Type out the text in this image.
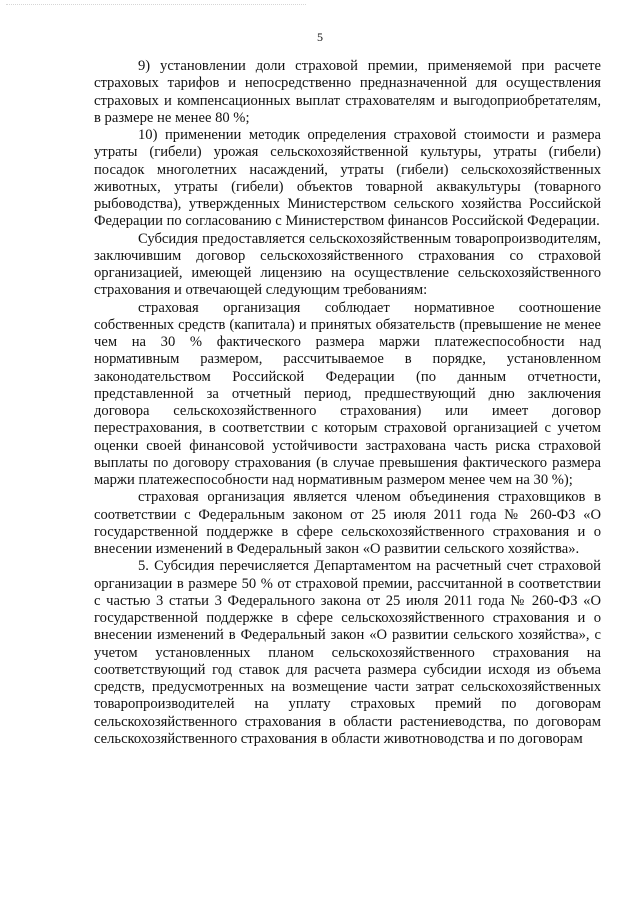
5

9) установлении доли страховой премии, применяемой при расчете страховых тарифов и непосредственно предназначенной для осуществления страховых и компенсационных выплат страхователям и выгодоприобретателям, в размере не менее 80 %;

10) применении методик определения страховой стоимости и размера утраты (гибели) урожая сельскохозяйственной культуры, утраты (гибели) посадок многолетних насаждений, утраты (гибели) сельскохозяйственных животных, утраты (гибели) объектов товарной аквакультуры (товарного рыбоводства), утвержденных Министерством сельского хозяйства Российской Федерации по согласованию с Министерством финансов Российской Федерации.

Субсидия предоставляется сельскохозяйственным товаропроизводителям, заключившим договор сельскохозяйственного страхования со страховой организацией, имеющей лицензию на осуществление сельскохозяйственного страхования и отвечающей следующим требованиям:

страховая организация соблюдает нормативное соотношение собственных средств (капитала) и принятых обязательств (превышение не менее чем на 30 % фактического размера маржи платежеспособности над нормативным размером, рассчитываемое в порядке, установленном законодательством Российской Федерации (по данным отчетности, представленной за отчетный период, предшествующий дню заключения договора сельскохозяйственного страхования) или имеет договор перестрахования, в соответствии с которым страховой организацией с учетом оценки своей финансовой устойчивости застрахована часть риска страховой выплаты по договору страхования (в случае превышения фактического размера маржи платежеспособности над нормативным размером менее чем на 30 %);

страховая организация является членом объединения страховщиков в соответствии с Федеральным законом от 25 июля 2011 года № 260-ФЗ «О государственной поддержке в сфере сельскохозяйственного страхования и о внесении изменений в Федеральный закон «О развитии сельского хозяйства».

5. Субсидия перечисляется Департаментом на расчетный счет страховой организации в размере 50 % от страховой премии, рассчитанной в соответствии с частью 3 статьи 3 Федерального закона от 25 июля 2011 года № 260-ФЗ «О государственной поддержке в сфере сельскохозяйственного страхования и о внесении изменений в Федеральный закон «О развитии сельского хозяйства», с учетом установленных планом сельскохозяйственного страхования на соответствующий год ставок для расчета размера субсидии исходя из объема средств, предусмотренных на возмещение части затрат сельскохозяйственных товаропроизводителей на уплату страховых премий по договорам сельскохозяйственного страхования в области растениеводства, по договорам сельскохозяйственного страхования в области животноводства и по договорам
